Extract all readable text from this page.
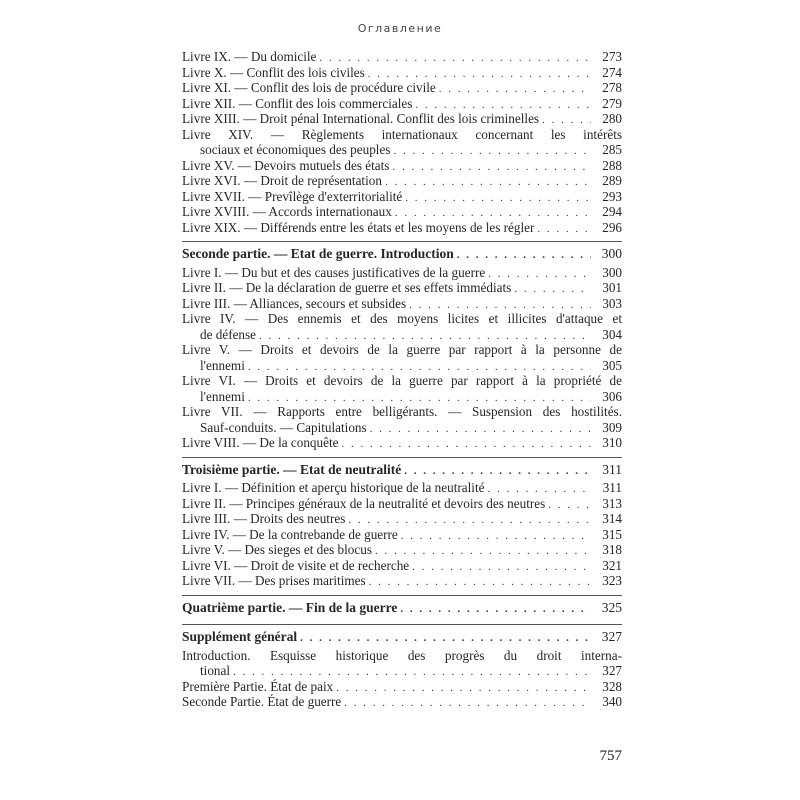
Оглавление
Livre IX. — Du domicile . . .	273
Livre X. — Conflit des lois civiles . . .	274
Livre XI. — Conflit des lois de procédure civile . . .	278
Livre XII. — Conflit des lois commerciales . . .	279
Livre XIII. — Droit pénal International. Conflit des lois criminelles . . .	280
Livre XIV. — Règlements internationaux concernant les intérêts
sociaux et économiques des peuples . . .	285
Livre XV. — Devoirs mutuels des états . . .	288
Livre XVI. — Droit de représentation . . .	289
Livre XVII. — Prevîlège d'exterritorialité . . .	293
Livre XVIII. — Accords internationaux . . .	294
Livre XIX. — Différends entre les états et les moyens de les régler . . .	296
Seconde partie. — Etat de guerre. Introduction . . .	300
Livre I. — Du but et des causes justificatives de la guerre . . .	300
Livre II. — De la déclaration de guerre et ses effets immédiats . . .	301
Livre III. — Alliances, secours et subsides . . .	303
Livre IV. — Des ennemis et des moyens licites et illicites d'attaque et
de défense . . .	304
Livre V. — Droits et devoirs de la guerre par rapport à la personne de
l'ennemi . . .	305
Livre VI. — Droits et devoirs de la guerre par rapport à la propriété de
l'ennemi . . .	306
Livre VII. — Rapports entre belligérants. — Suspension des hostilités.
Sauf-conduits. — Capitulations . . .	309
Livre VIII. — De la conquête . . .	310
Troisième partie. — Etat de neutralité . . .	311
Livre I. — Définition et aperçu historique de la neutralité . . .	311
Livre II. — Principes généraux de la neutralité et devoirs des neutres . . .	313
Livre III. — Droits des neutres . . .	314
Livre IV. — De la contrebande de guerre . . .	315
Livre V. — Des sieges et des blocus . . .	318
Livre VI. — Droit de visite et de recherche . . .	321
Livre VII. — Des prises maritimes . . .	323
Quatrième partie. — Fin de la guerre . . .	325
Supplément général . . .	327
Introduction. Esquisse historique des progrès du droit interna-
tional . . .	327
Première Partie. État de paix . . .	328
Seconde Partie. État de guerre . . .	340
757
